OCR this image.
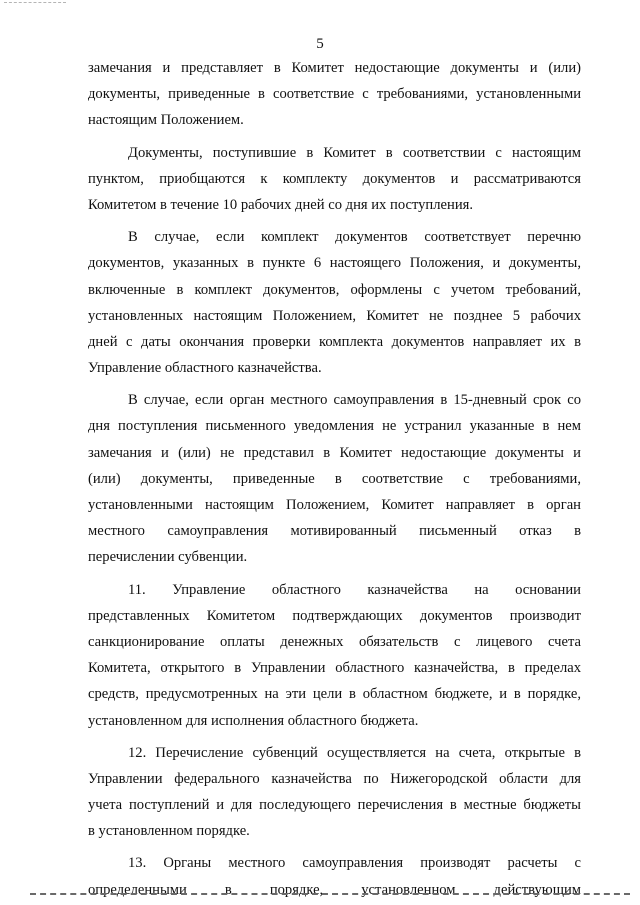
5
замечания и представляет в Комитет недостающие документы и (или)
документы, приведенные в соответствие с требованиями, установленными
настоящим Положением.
Документы, поступившие в Комитет в соответствии с настоящим
пунктом, приобщаются к комплекту документов и рассматриваются
Комитетом в течение 10 рабочих дней со дня их поступления.
В случае, если комплект документов соответствует перечню
документов, указанных в пункте 6 настоящего Положения, и документы,
включенные в комплект документов, оформлены с учетом требований,
установленных настоящим Положением, Комитет не позднее 5 рабочих
дней с даты окончания проверки комплекта документов направляет их в
Управление областного казначейства.
В случае, если орган местного самоуправления в 15-дневный срок со
дня поступления письменного уведомления не устранил указанные в нем
замечания и (или) не представил в Комитет недостающие документы и
(или) документы, приведенные в соответствие с требованиями,
установленными настоящим Положением, Комитет направляет в орган
местного самоуправления мотивированный письменный отказ в
перечислении субвенции.
11. Управление областного казначейства на основании
представленных Комитетом подтверждающих документов производит
санкционирование оплаты денежных обязательств с лицевого счета
Комитета, открытого в Управлении областного казначейства, в пределах
средств, предусмотренных на эти цели в областном бюджете, и в порядке,
установленном для исполнения областного бюджета.
12. Перечисление субвенций осуществляется на счета, открытые в
Управлении федерального казначейства по Нижегородской области для
учета поступлений и для последующего перечисления в местные бюджеты
в установленном порядке.
13. Органы местного самоуправления производят расчеты с
определенными в порядке, установленном действующим
